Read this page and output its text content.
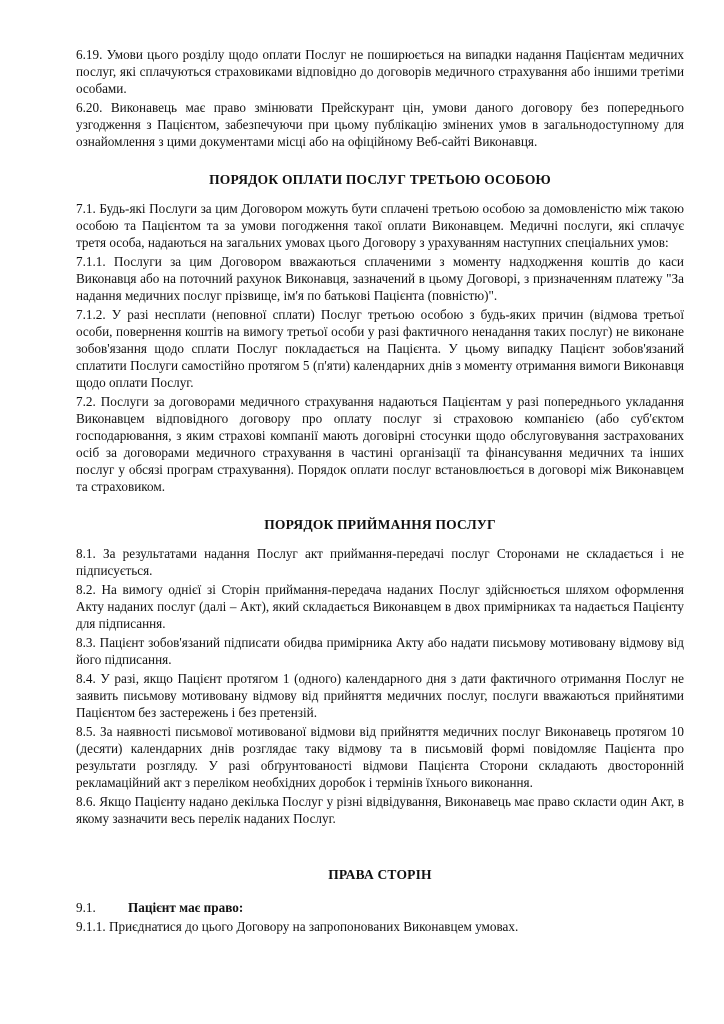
6.19. Умови цього розділу щодо оплати Послуг не поширюється на випадки надання Пацієнтам медичних послуг, які сплачуються страховиками відповідно до договорів медичного страхування або іншими третіми особами.

6.20. Виконавець має право змінювати Прейскурант цін, умови даного договору без попереднього узгодження з Пацієнтом, забезпечуючи при цьому публікацію змінених умов в загальнодоступному для ознайомлення з цими документами місці або на офіційному Веб-сайті Виконавця.

ПОРЯДОК ОПЛАТИ ПОСЛУГ ТРЕТЬОЮ ОСОБОЮ

7.1. Будь-які Послуги за цим Договором можуть бути сплачені третьою особою за домовленістю між такою особою та Пацієнтом та за умови погодження такої оплати Виконавцем. Медичні послуги, які сплачує третя особа, надаються на загальних умовах цього Договору з урахуванням наступних спеціальних умов:

7.1.1. Послуги за цим Договором вважаються сплаченими з моменту надходження коштів до каси Виконавця або на поточний рахунок Виконавця, зазначений в цьому Договорі, з призначенням платежу "За надання медичних послуг прізвище, ім'я по батькові Пацієнта (повністю)".

7.1.2. У разі несплати (неповної сплати) Послуг третьою особою з будь-яких причин (відмова третьої особи, повернення коштів на вимогу третьої особи у разі фактичного ненадання таких послуг) не виконане зобов'язання щодо сплати Послуг покладається на Пацієнта. У цьому випадку Пацієнт зобов'язаний сплатити Послуги самостійно протягом 5 (п'яти) календарних днів з моменту отримання вимоги Виконавця щодо оплати Послуг.

7.2. Послуги за договорами медичного страхування надаються Пацієнтам у разі попереднього укладання Виконавцем відповідного договору про оплату послуг зі страховою компанією (або суб'єктом господарювання, з яким страхові компанії мають договірні стосунки щодо обслуговування застрахованих осіб за договорами медичного страхування в частині організації та фінансування медичних та інших послуг у обсязі програм страхування). Порядок оплати послуг встановлюється в договорі між Виконавцем та страховиком.

ПОРЯДОК ПРИЙМАННЯ ПОСЛУГ

8.1. За результатами надання Послуг акт приймання-передачі послуг Сторонами не складається і не підписується.

8.2. На вимогу однієї зі Сторін приймання-передача наданих Послуг здійснюється шляхом оформлення Акту наданих послуг (далі – Акт), який складається Виконавцем в двох примірниках та надається Пацієнту для підписання.

8.3. Пацієнт зобов'язаний підписати обидва примірника Акту або надати письмову мотивовану відмову від його підписання.

8.4. У разі, якщо Пацієнт протягом 1 (одного) календарного дня з дати фактичного отримання Послуг не заявить письмову мотивовану відмову від прийняття медичних послуг, послуги вважаються прийнятими Пацієнтом без застережень і без претензій.

8.5. За наявності письмової мотивованої відмови від прийняття медичних послуг Виконавець протягом 10 (десяти) календарних днів розглядає таку відмову та в письмовій формі повідомляє Пацієнта про результати розгляду. У разі обґрунтованості відмови Пацієнта Сторони складають двосторонній рекламаційний акт з переліком необхідних доробок і термінів їхнього виконання.

8.6. Якщо Пацієнту надано декілька Послуг у різні відвідування, Виконавець має право скласти один Акт, в якому зазначити весь перелік наданих Послуг.

ПРАВА СТОРІН
9.1. Пацієнт має право:

9.1.1. Приєднатися до цього Договору на запропонованих Виконавцем умовах.
